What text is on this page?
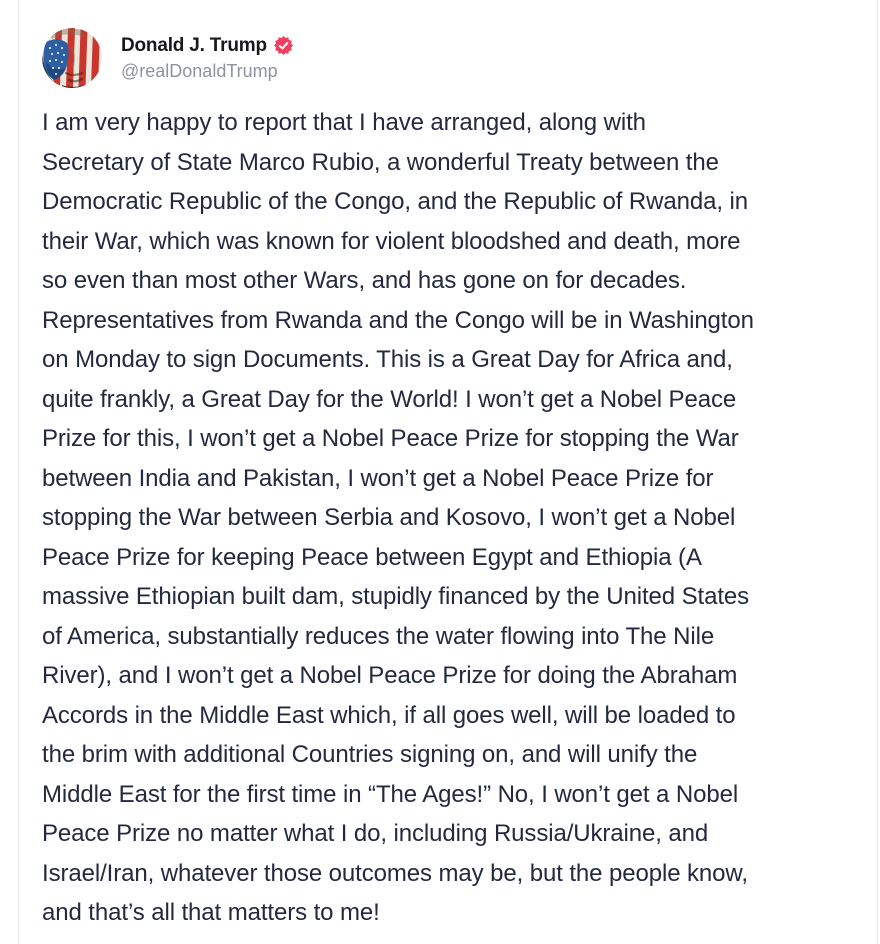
Donald J. Trump
@realDonaldTrump
I am very happy to report that I have arranged, along with
Secretary of State Marco Rubio, a wonderful Treaty between the
Democratic Republic of the Congo, and the Republic of Rwanda, in
their War, which was known for violent bloodshed and death, more
so even than most other Wars, and has gone on for decades.
Representatives from Rwanda and the Congo will be in Washington
on Monday to sign Documents. This is a Great Day for Africa and,
quite frankly, a Great Day for the World! I won’t get a Nobel Peace
Prize for this, I won’t get a Nobel Peace Prize for stopping the War
between India and Pakistan, I won’t get a Nobel Peace Prize for
stopping the War between Serbia and Kosovo, I won’t get a Nobel
Peace Prize for keeping Peace between Egypt and Ethiopia (A
massive Ethiopian built dam, stupidly financed by the United States
of America, substantially reduces the water flowing into The Nile
River), and I won’t get a Nobel Peace Prize for doing the Abraham
Accords in the Middle East which, if all goes well, will be loaded to
the brim with additional Countries signing on, and will unify the
Middle East for the first time in “The Ages!” No, I won’t get a Nobel
Peace Prize no matter what I do, including Russia/Ukraine, and
Israel/Iran, whatever those outcomes may be, but the people know,
and that’s all that matters to me!
